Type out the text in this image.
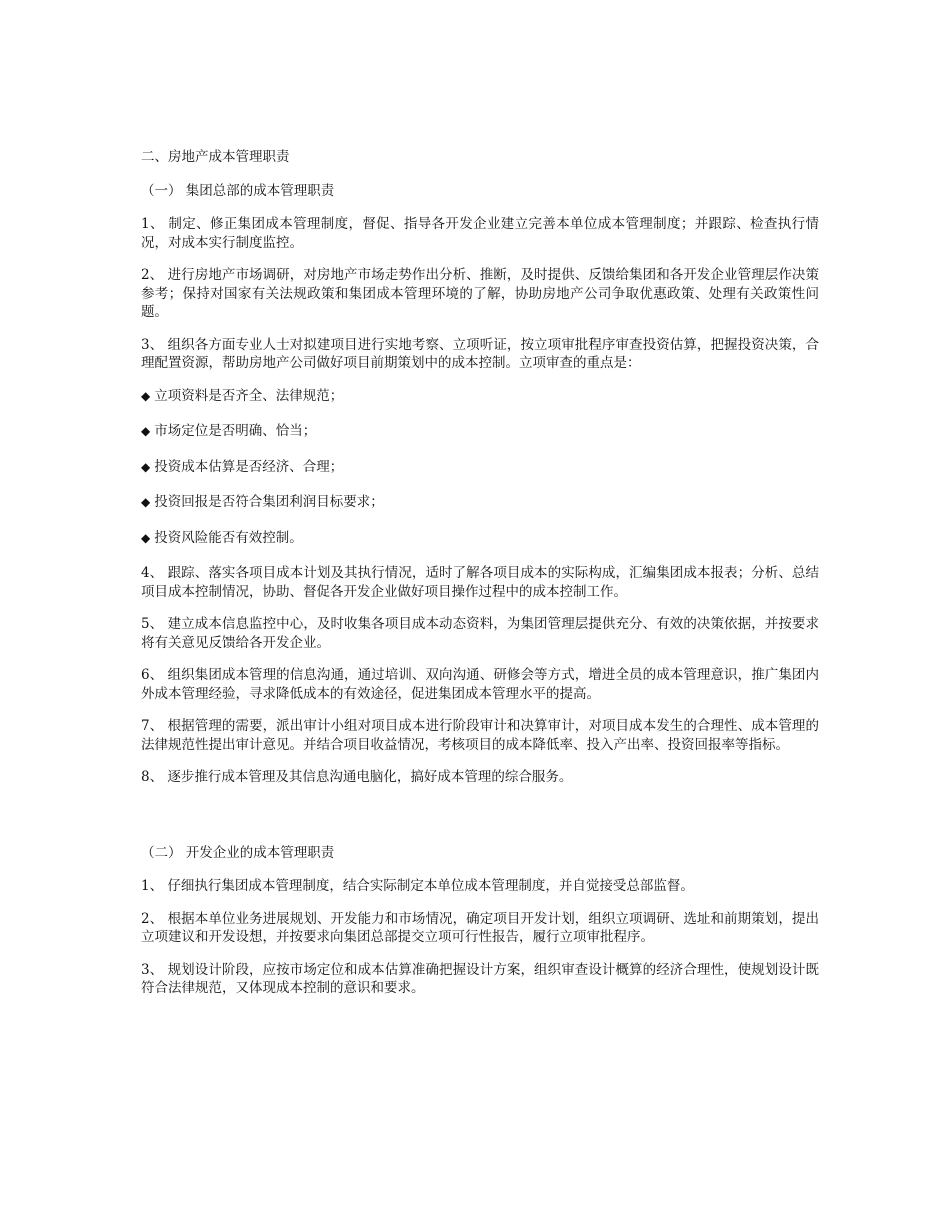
二、房地产成本管理职责

（一） 集团总部的成本管理职责

1、 制定、修正集团成本管理制度，督促、指导各开发企业建立完善本单位成本管理制度；并跟踪、检查执行情况，对成本实行制度监控。

2、 进行房地产市场调研，对房地产市场走势作出分析、推断，及时提供、反馈给集团和各开发企业管理层作决策参考；保持对国家有关法规政策和集团成本管理环境的了解，协助房地产公司争取优惠政策、处理有关政策性问题。

3、 组织各方面专业人士对拟建项目进行实地考察、立项听证，按立项审批程序审查投资估算，把握投资决策，合理配置资源，帮助房地产公司做好项目前期策划中的成本控制。立项审查的重点是：

◆ 立项资料是否齐全、法律规范；

◆ 市场定位是否明确、恰当；

◆ 投资成本估算是否经济、合理；

◆ 投资回报是否符合集团利润目标要求；

◆ 投资风险能否有效控制。

4、 跟踪、落实各项目成本计划及其执行情况，适时了解各项目成本的实际构成，汇编集团成本报表；分析、总结项目成本控制情况，协助、督促各开发企业做好项目操作过程中的成本控制工作。

5、 建立成本信息监控中心，及时收集各项目成本动态资料，为集团管理层提供充分、有效的决策依据，并按要求将有关意见反馈给各开发企业。

6、 组织集团成本管理的信息沟通，通过培训、双向沟通、研修会等方式，增进全员的成本管理意识，推广集团内外成本管理经验，寻求降低成本的有效途径，促进集团成本管理水平的提高。

7、 根据管理的需要，派出审计小组对项目成本进行阶段审计和决算审计，对项目成本发生的合理性、成本管理的法律规范性提出审计意见。并结合项目收益情况，考核项目的成本降低率、投入产出率、投资回报率等指标。

8、 逐步推行成本管理及其信息沟通电脑化，搞好成本管理的综合服务。

（二） 开发企业的成本管理职责

1、 仔细执行集团成本管理制度，结合实际制定本单位成本管理制度，并自觉接受总部监督。

2、 根据本单位业务进展规划、开发能力和市场情况，确定项目开发计划，组织立项调研、选址和前期策划，提出立项建议和开发设想，并按要求向集团总部提交立项可行性报告，履行立项审批程序。

3、 规划设计阶段，应按市场定位和成本估算准确把握设计方案，组织审查设计概算的经济合理性，使规划设计既符合法律规范，又体现成本控制的意识和要求。
